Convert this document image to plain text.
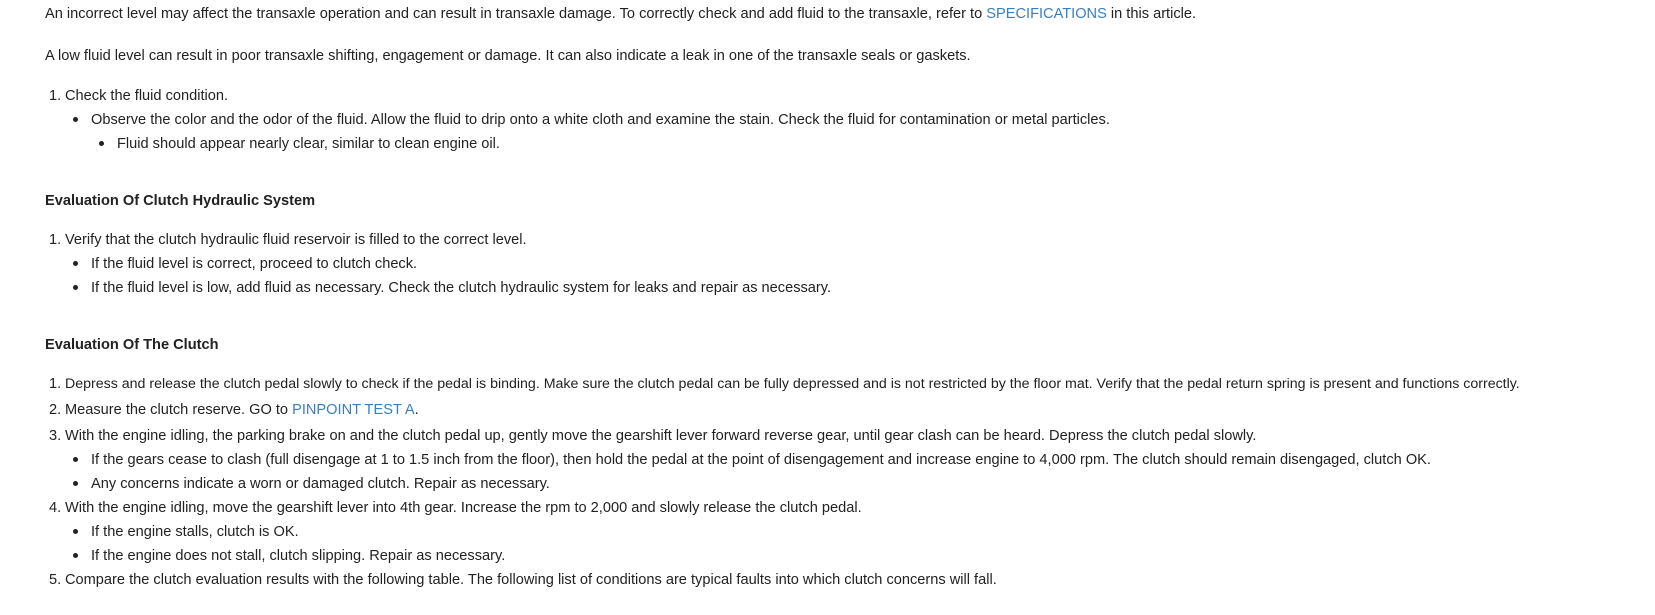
An incorrect level may affect the transaxle operation and can result in transaxle damage. To correctly check and add fluid to the transaxle, refer to SPECIFICATIONS in this article.

A low fluid level can result in poor transaxle shifting, engagement or damage. It can also indicate a leak in one of the transaxle seals or gaskets.

1. Check the fluid condition.
Observe the color and the odor of the fluid. Allow the fluid to drip onto a white cloth and examine the stain. Check the fluid for contamination or metal particles.
Fluid should appear nearly clear, similar to clean engine oil.
Evaluation Of Clutch Hydraulic System
1. Verify that the clutch hydraulic fluid reservoir is filled to the correct level.
If the fluid level is correct, proceed to clutch check.
If the fluid level is low, add fluid as necessary. Check the clutch hydraulic system for leaks and repair as necessary.
Evaluation Of The Clutch
1. Depress and release the clutch pedal slowly to check if the pedal is binding. Make sure the clutch pedal can be fully depressed and is not restricted by the floor mat. Verify that the pedal return spring is present and functions correctly.
2. Measure the clutch reserve. GO to PINPOINT TEST A.
3. With the engine idling, the parking brake on and the clutch pedal up, gently move the gearshift lever forward reverse gear, until gear clash can be heard. Depress the clutch pedal slowly.
If the gears cease to clash (full disengage at 1 to 1.5 inch from the floor), then hold the pedal at the point of disengagement and increase engine to 4,000 rpm. The clutch should remain disengaged, clutch OK.
Any concerns indicate a worn or damaged clutch. Repair as necessary.
4. With the engine idling, move the gearshift lever into 4th gear. Increase the rpm to 2,000 and slowly release the clutch pedal.
If the engine stalls, clutch is OK.
If the engine does not stall, clutch slipping. Repair as necessary.
5. Compare the clutch evaluation results with the following table. The following list of conditions are typical faults into which clutch concerns will fall.
